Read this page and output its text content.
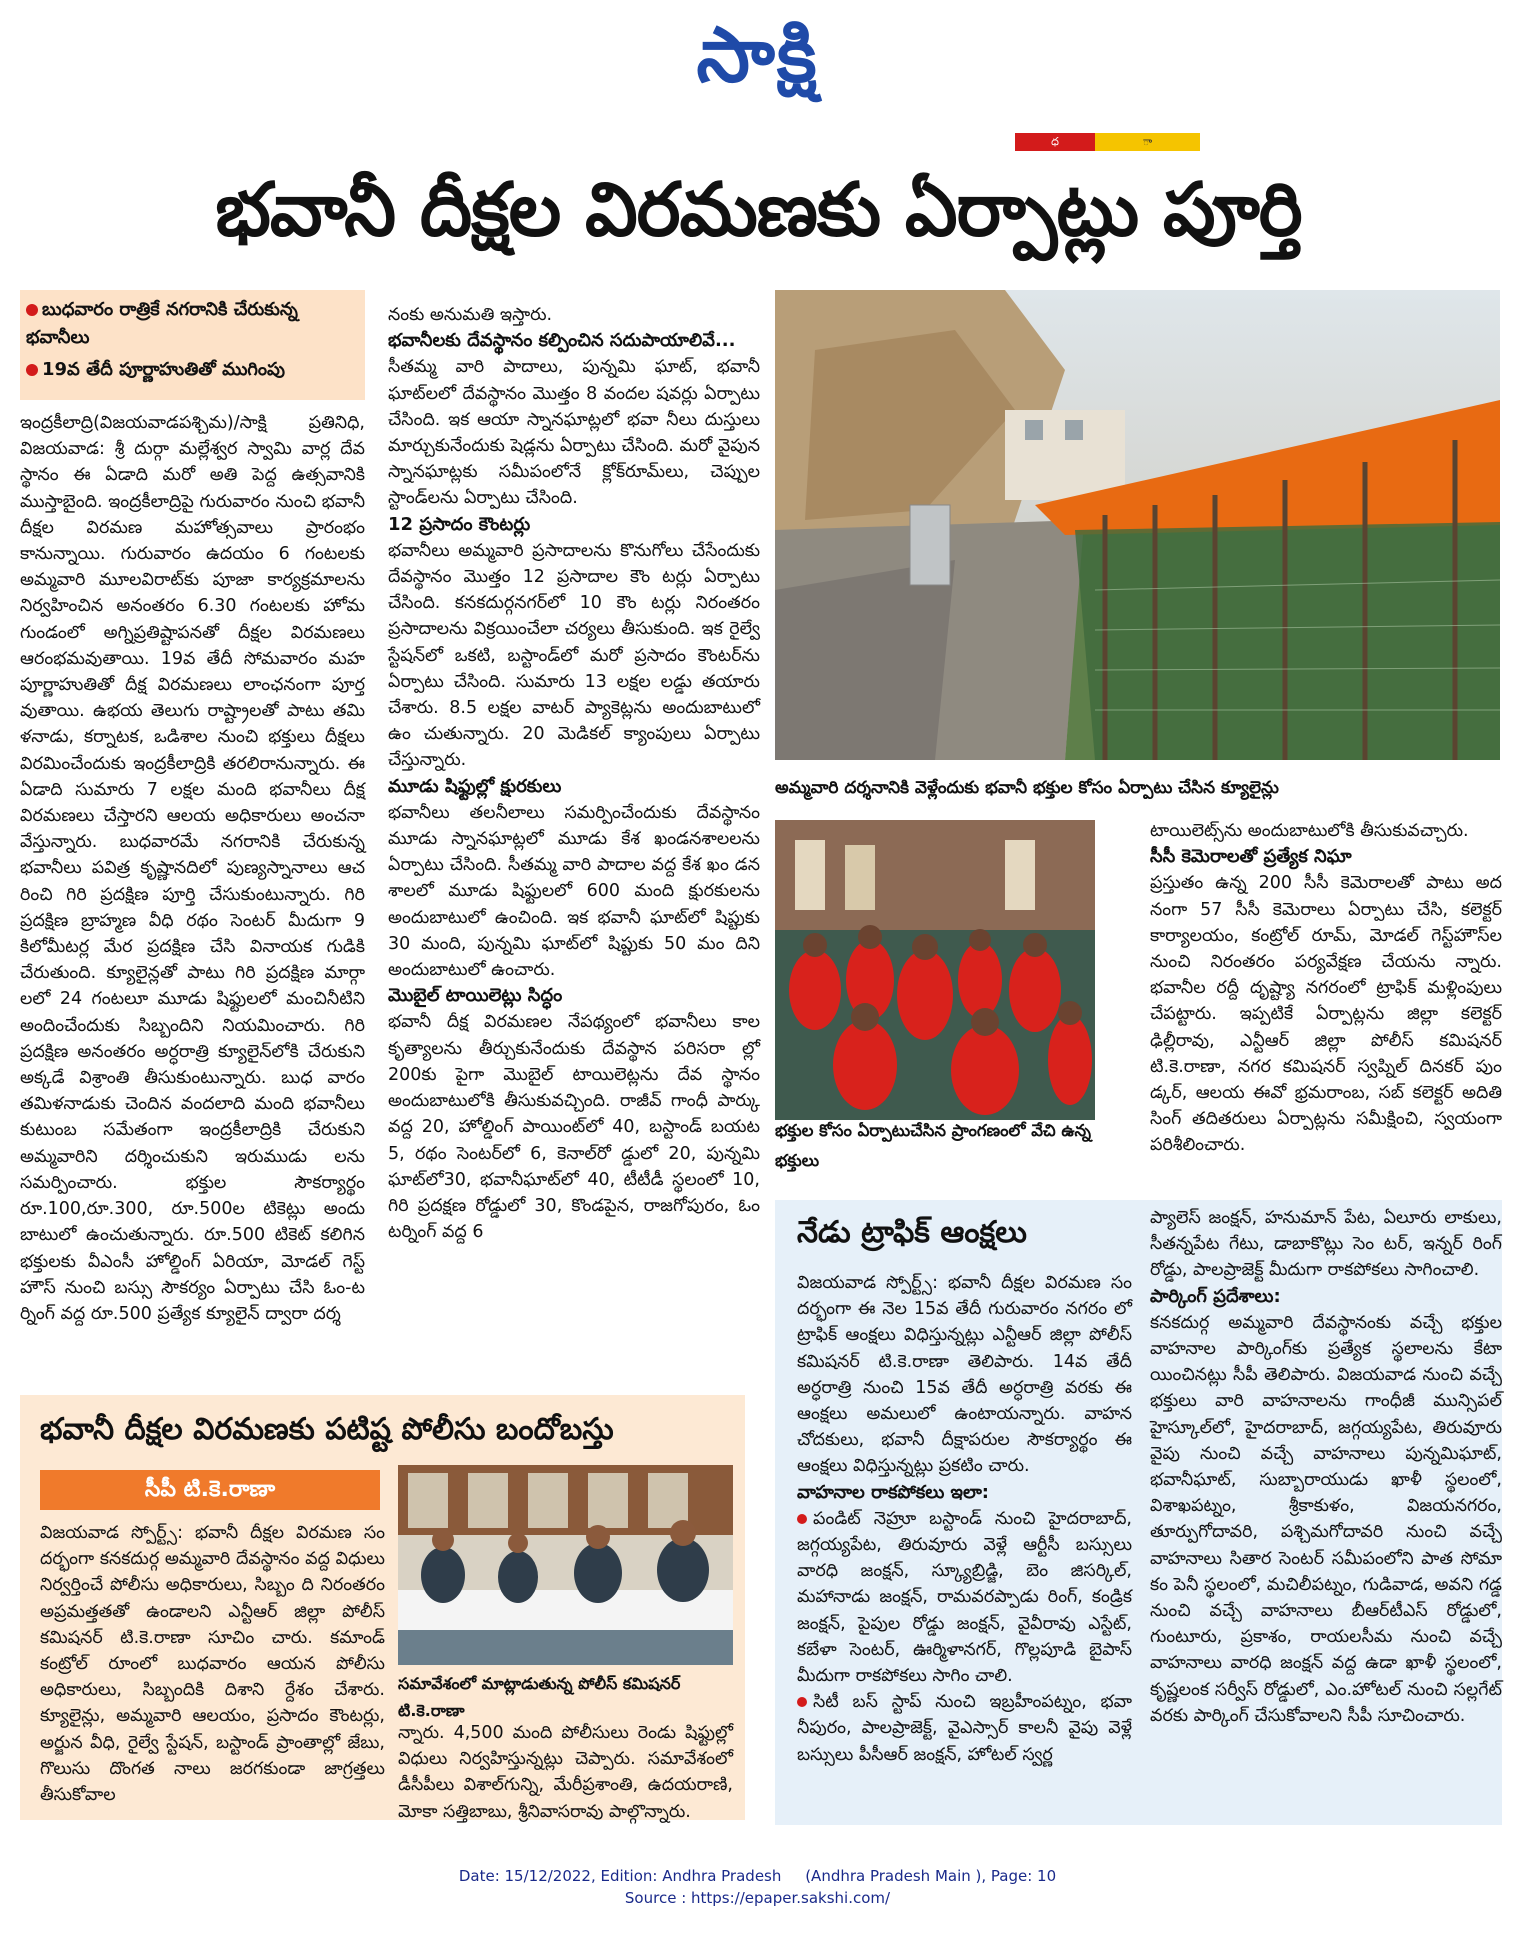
సాక్షి
ధ	ా
భవానీ దీక్షల విరమణకు ఏర్పాట్లు పూర్తి
బుధవారం రాత్రికే నగరానికి చేరుకున్న భవానీలు
19వ తేదీ పూర్ణాహుతితో ముగింపు

ఇంద్రకీలాద్రి(విజయవాడపశ్చిమ)/సాక్షి ప్రతినిధి, విజయవాడ: శ్రీ దుర్గా మల్లేశ్వర స్వామి వార్ల దేవ స్థానం ఈ ఏడాది మరో అతి పెద్ద ఉత్సవానికి ముస్తాబైంది. ఇంద్రకీలాద్రిపై గురువారం నుంచి భవానీ దీక్షల విరమణ మహోత్సవాలు ప్రారంభం కానున్నాయి. గురువారం ఉదయం 6 గంటలకు అమ్మవారి మూలవిరాట్‌కు పూజా కార్యక్రమాలను నిర్వహించిన అనంతరం 6.30 గంటలకు హోమ గుండంలో అగ్నిప్రతిష్టాపనతో దీక్షల విరమణలు ఆరంభమవుతాయి. 19వ తేదీ సోమవారం మహ పూర్ణాహుతితో దీక్ష విరమణలు లాంఛనంగా పూర్త వుతాయి. ఉభయ తెలుగు రాష్ట్రాలతో పాటు తమి ళనాడు, కర్నాటక, ఒడిశాల నుంచి భక్తులు దీక్షలు విరమించేందుకు ఇంద్రకీలాద్రికి తరలిరానున్నారు. ఈ ఏడాది సుమారు 7 లక్షల మంది భవానీలు దీక్ష విరమణలు చేస్తారని ఆలయ అధికారులు అంచనా వేస్తున్నారు. బుధవారమే నగరానికి చేరుకున్న భవానీలు పవిత్ర కృష్ణానదిలో పుణ్యస్నానాలు ఆచ రించి గిరి ప్రదక్షిణ పూర్తి చేసుకుంటున్నారు. గిరి ప్రదక్షిణ బ్రాహ్మణ వీధి రథం సెంటర్ మీదుగా 9 కిలోమీటర్ల మేర ప్రదక్షిణ చేసి వినాయక గుడికి చేరుతుంది. క్యూలైన్లతో పాటు గిరి ప్రదక్షిణ మార్గా లలో 24 గంటలూ మూడు షిఫ్టులలో మంచినీటిని అందించేందుకు సిబ్బందిని నియమించారు. గిరి ప్రదక్షిణ అనంతరం అర్ధరాత్రి క్యూలైన్‌లోకి చేరుకుని అక్కడే విశ్రాంతి తీసుకుంటున్నారు. బుధ వారం తమిళనాడుకు చెందిన వందలాది మంది భవానీలు కుటుంబ సమేతంగా ఇంద్రకీలాద్రికి చేరుకుని అమ్మవారిని దర్శించుకుని ఇరుముడు లను సమర్పించారు. భక్తుల సౌకర్యార్థం రూ.100,రూ.300, రూ.500ల టికెట్లు అందు బాటులో ఉంచుతున్నారు. రూ.500 టికెట్ కలిగిన భక్తులకు వీఎంసీ హోల్డింగ్ ఏరియా, మోడల్ గెస్ట్ హౌస్ నుంచి బస్సు సౌకర్యం ఏర్పాటు చేసి ఓం-ట ర్నింగ్ వద్ద రూ.500 ప్రత్యేక క్యూలైన్ ద్వారా దర్శ

నంకు అనుమతి ఇస్తారు.

భవానీలకు దేవస్థానం కల్పించిన సదుపాయాలివే...

సీతమ్మ వారి పాదాలు, పున్నమి ఘాట్, భవానీ ఘాట్‌లలో దేవస్థానం మొత్తం 8 వందల షవర్లు ఏర్పాటు చేసింది. ఇక ఆయా స్నానఘాట్లలో భవా నీలు దుస్తులు మార్చుకునేందుకు షెడ్లను ఏర్పాటు చేసింది. మరో వైపున స్నానఘాట్లకు సమీపంలోనే క్లోక్‌రూమ్‌లు, చెప్పుల స్టాండ్‌లను ఏర్పాటు చేసింది.

12 ప్రసాదం కౌంటర్లు

భవానీలు అమ్మవారి ప్రసాదాలను కొనుగోలు చేసేందుకు దేవస్థానం మొత్తం 12 ప్రసాదాల కౌం టర్లు ఏర్పాటు చేసింది. కనకదుర్గనగర్‌లో 10 కౌం టర్లు నిరంతరం ప్రసాదాలను విక్రయించేలా చర్యలు తీసుకుంది. ఇక రైల్వే స్టేషన్‌లో ఒకటి, బస్టాండ్‌లో మరో ప్రసాదం కౌంటర్‌ను ఏర్పాటు చేసింది. సుమారు 13 లక్షల లడ్డు తయారు చేశారు. 8.5 లక్షల వాటర్ ప్యాకెట్లను అందుబాటులో ఉం చుతున్నారు. 20 మెడికల్ క్యాంపులు ఏర్పాటు చేస్తున్నారు.

మూడు షిఫ్టుల్లో క్షురకులు

భవానీలు తలనీలాలు సమర్పించేందుకు దేవస్థానం మూడు స్నానఘాట్లలో మూడు కేశ ఖండనశాలలను ఏర్పాటు చేసింది. సీతమ్మ వారి పాదాల వద్ద కేశ ఖం డన శాలలో మూడు షిఫ్టులలో 600 మంది క్షురకులను అందుబాటులో ఉంచింది. ఇక భవానీ ఘాట్‌లో షిప్టుకు 30 మంది, పున్నమి ఘాట్‌లో షిప్టుకు 50 మం దిని అందుబాటులో ఉంచారు.

మొబైల్ టాయిలెట్లు సిద్ధం

భవానీ దీక్ష విరమణల నేపథ్యంలో భవానీలు కాల కృత్యాలను తీర్చుకునేందుకు దేవస్థాన పరిసరా ల్లో 200కు పైగా మొబైల్ టాయిలెట్లను దేవ స్థానం అందుబాటులోకి తీసుకువచ్చింది. రాజీవ్ గాంధీ పార్కు వద్ద 20, హోల్డింగ్ పాయింట్‌లో 40, బస్టాండ్ బయట 5, రథం సెంటర్‌లో 6, కెనాల్‌రో డ్డులో 20, పున్నమి ఘాట్‌లో30, భవానీఘాట్‌లో 40, టీటీడీ స్థలంలో 10, గిరి ప్రదక్షణ రోడ్డులో 30, కొండపైన, రాజగోపురం, ఓం టర్నింగ్ వద్ద 6

అమ్మవారి దర్శనానికి వెళ్లేందుకు భవానీ భక్తుల కోసం ఏర్పాటు చేసిన క్యూలైన్లు
భక్తుల కోసం ఏర్పాటుచేసిన ప్రాంగణంలో వేచి ఉన్న భక్తులు

టాయిలెట్స్‌ను అందుబాటులోకి తీసుకువచ్చారు.

సీసీ కెమెరాలతో ప్రత్యేక నిఘా

ప్రస్తుతం ఉన్న 200 సీసీ కెమెరాలతో పాటు అద నంగా 57 సీసీ కెమెరాలు ఏర్పాటు చేసి, కలెక్టర్ కార్యాలయం, కంట్రోల్ రూమ్, మోడల్ గెస్ట్‌హౌస్‌ల నుంచి నిరంతరం పర్యవేక్షణ చేయను న్నారు. భవానీల రద్దీ దృష్ట్యా నగరంలో ట్రాఫిక్ మళ్లింపులు చేపట్టారు. ఇప్పటికే ఏర్పాట్లను జిల్లా కలెక్టర్ ఢిల్లీరావు, ఎన్టీఆర్ జిల్లా పోలీస్ కమిషనర్ టి.కె.రాణా, నగర కమిషనర్ స్వప్నిల్ దినకర్ పుం డ్కర్, ఆలయ ఈవో భ్రమరాంబ, సబ్ కలెక్టర్ అదితి సింగ్ తదితరులు ఏర్పాట్లను సమీక్షించి, స్వయంగా పరిశీలించారు.

భవానీ దీక్షల విరమణకు పటిష్ట పోలీసు బందోబస్తు
సీపీ టి.కె.రాణా
విజయవాడ స్పోర్ట్స్: భవానీ దీక్షల విరమణ సం దర్భంగా కనకదుర్గ అమ్మవారి దేవస్థానం వద్ద విధులు నిర్వర్తించే పోలీసు అధికారులు, సిబ్బం ది నిరంతరం అప్రమత్తతతో ఉండాలని ఎన్టీఆర్ జిల్లా పోలీస్ కమిషనర్ టి.కె.రాణా సూచిం చారు. కమాండ్ కంట్రోల్ రూంలో బుధవారం ఆయన పోలీసు అధికారులు, సిబ్బందికి దిశాని ర్దేశం చేశారు. క్యూలైన్లు, అమ్మవారి ఆలయం, ప్రసాదం కౌంటర్లు, అర్జున వీధి, రైల్వే స్టేషన్, బస్టాండ్ ప్రాంతాల్లో జేబు, గొలుసు దొంగత నాలు జరగకుండా జాగ్రత్తలు తీసుకోవాల
సమావేశంలో మాట్లాడుతున్న పోలీస్ కమిషనర్ టి.కె.రాణా
న్నారు. 4,500 మంది పోలీసులు రెండు షిఫ్టుల్లో విధులు నిర్వహిస్తున్నట్లు చెప్పారు. సమావేశంలో డీసీపీలు విశాల్‌గున్ని, మేరీప్రశాంతి, ఉదయరాణి, మోకా సత్తిబాబు, శ్రీనివాసరావు పాల్గొన్నారు.
నేడు ట్రాఫిక్ ఆంక్షలు

విజయవాడ స్పోర్ట్స్: భవానీ దీక్షల విరమణ సం దర్భంగా ఈ నెల 15వ తేదీ గురువారం నగరం లో ట్రాఫిక్ ఆంక్షలు విధిస్తున్నట్లు ఎన్టీఆర్ జిల్లా పోలీస్ కమిషనర్ టి.కె.రాణా తెలిపారు. 14వ తేదీ అర్ధరాత్రి నుంచి 15వ తేదీ అర్ధరాత్రి వరకు ఈ ఆంక్షలు అమలులో ఉంటాయన్నారు. వాహన చోదకులు, భవానీ దీక్షాపరుల సౌకర్యార్థం ఈ ఆంక్షలు విధిస్తున్నట్లు ప్రకటిం చారు.

వాహనాల రాకపోకలు ఇలా:

పండిట్ నెహ్రూ బస్టాండ్ నుంచి హైదరాబాద్, జగ్గయ్యపేట, తిరువూరు వెళ్లే ఆర్టీసీ బస్సులు వారధి జంక్షన్, స్క్యూబ్రిడ్జి, బెం జిసర్కిల్, మహానాడు జంక్షన్, రామవరప్పాడు రింగ్, కండ్రిక జంక్షన్, పైపుల రోడ్డు జంక్షన్, వైవీరావు ఎస్టేట్, కబేళా సెంటర్, ఊర్మిళానగర్, గొల్లపూడి బైపాస్ మీదుగా రాకపోకలు సాగిం చాలి.

సిటీ బస్ స్టాప్ నుంచి ఇబ్రహీంపట్నం, భవా నీపురం, పాలప్రాజెక్ట్, వైఎస్సార్ కాలనీ వైపు వెళ్లే బస్సులు పీసీఆర్ జంక్షన్, హోటల్ స్వర్ణ

ప్యాలెస్ జంక్షన్, హనుమాన్ పేట, ఏలూరు లాకులు, సీతన్నపేట గేటు, డాబాకొట్లు సెం టర్, ఇన్నర్ రింగ్ రోడ్డు, పాలప్రాజెక్ట్ మీదుగా రాకపోకలు సాగించాలి.

పార్కింగ్ ప్రదేశాలు:

కనకదుర్గ అమ్మవారి దేవస్థానంకు వచ్చే భక్తుల వాహనాల పార్కింగ్‌కు ప్రత్యేక స్థలాలను కేటా యించినట్లు సీపీ తెలిపారు. విజయవాడ నుంచి వచ్చే భక్తులు వారి వాహనాలను గాంధీజీ మున్సిపల్ హైస్కూల్‌లో, హైదరాబాద్, జగ్గయ్యపేట, తిరువూరు వైపు నుంచి వచ్చే వాహనాలు పున్నమిఘాట్, భవానీఘాట్, సుబ్బారాయుడు ఖాళీ స్థలంలో, విశాఖపట్నం, శ్రీకాకుళం, విజయనగరం, తూర్పుగోదావరి, పశ్చిమగోదావరి నుంచి వచ్చే వాహనాలు సితార సెంటర్ సమీపంలోని పాత సోమా కం పెనీ స్థలంలో, మచిలీపట్నం, గుడివాడ, అవని గడ్డ నుంచి వచ్చే వాహనాలు బీఆర్‌టీఎస్ రోడ్డులో, గుంటూరు, ప్రకాశం, రాయలసీమ నుంచి వచ్చే వాహనాలు వారధి జంక్షన్ వద్ద ఉడా ఖాళీ స్థలంలో, కృష్ణలంక సర్వీస్ రోడ్డులో, ఎం.హోటల్ నుంచి సల్లగేట్ వరకు పార్కింగ్ చేసుకోవాలని సీపీ సూచించారు.

Date: 15/12/2022, Edition: Andhra Pradesh     (Andhra Pradesh Main ), Page: 10
Source : https://epaper.sakshi.com/
